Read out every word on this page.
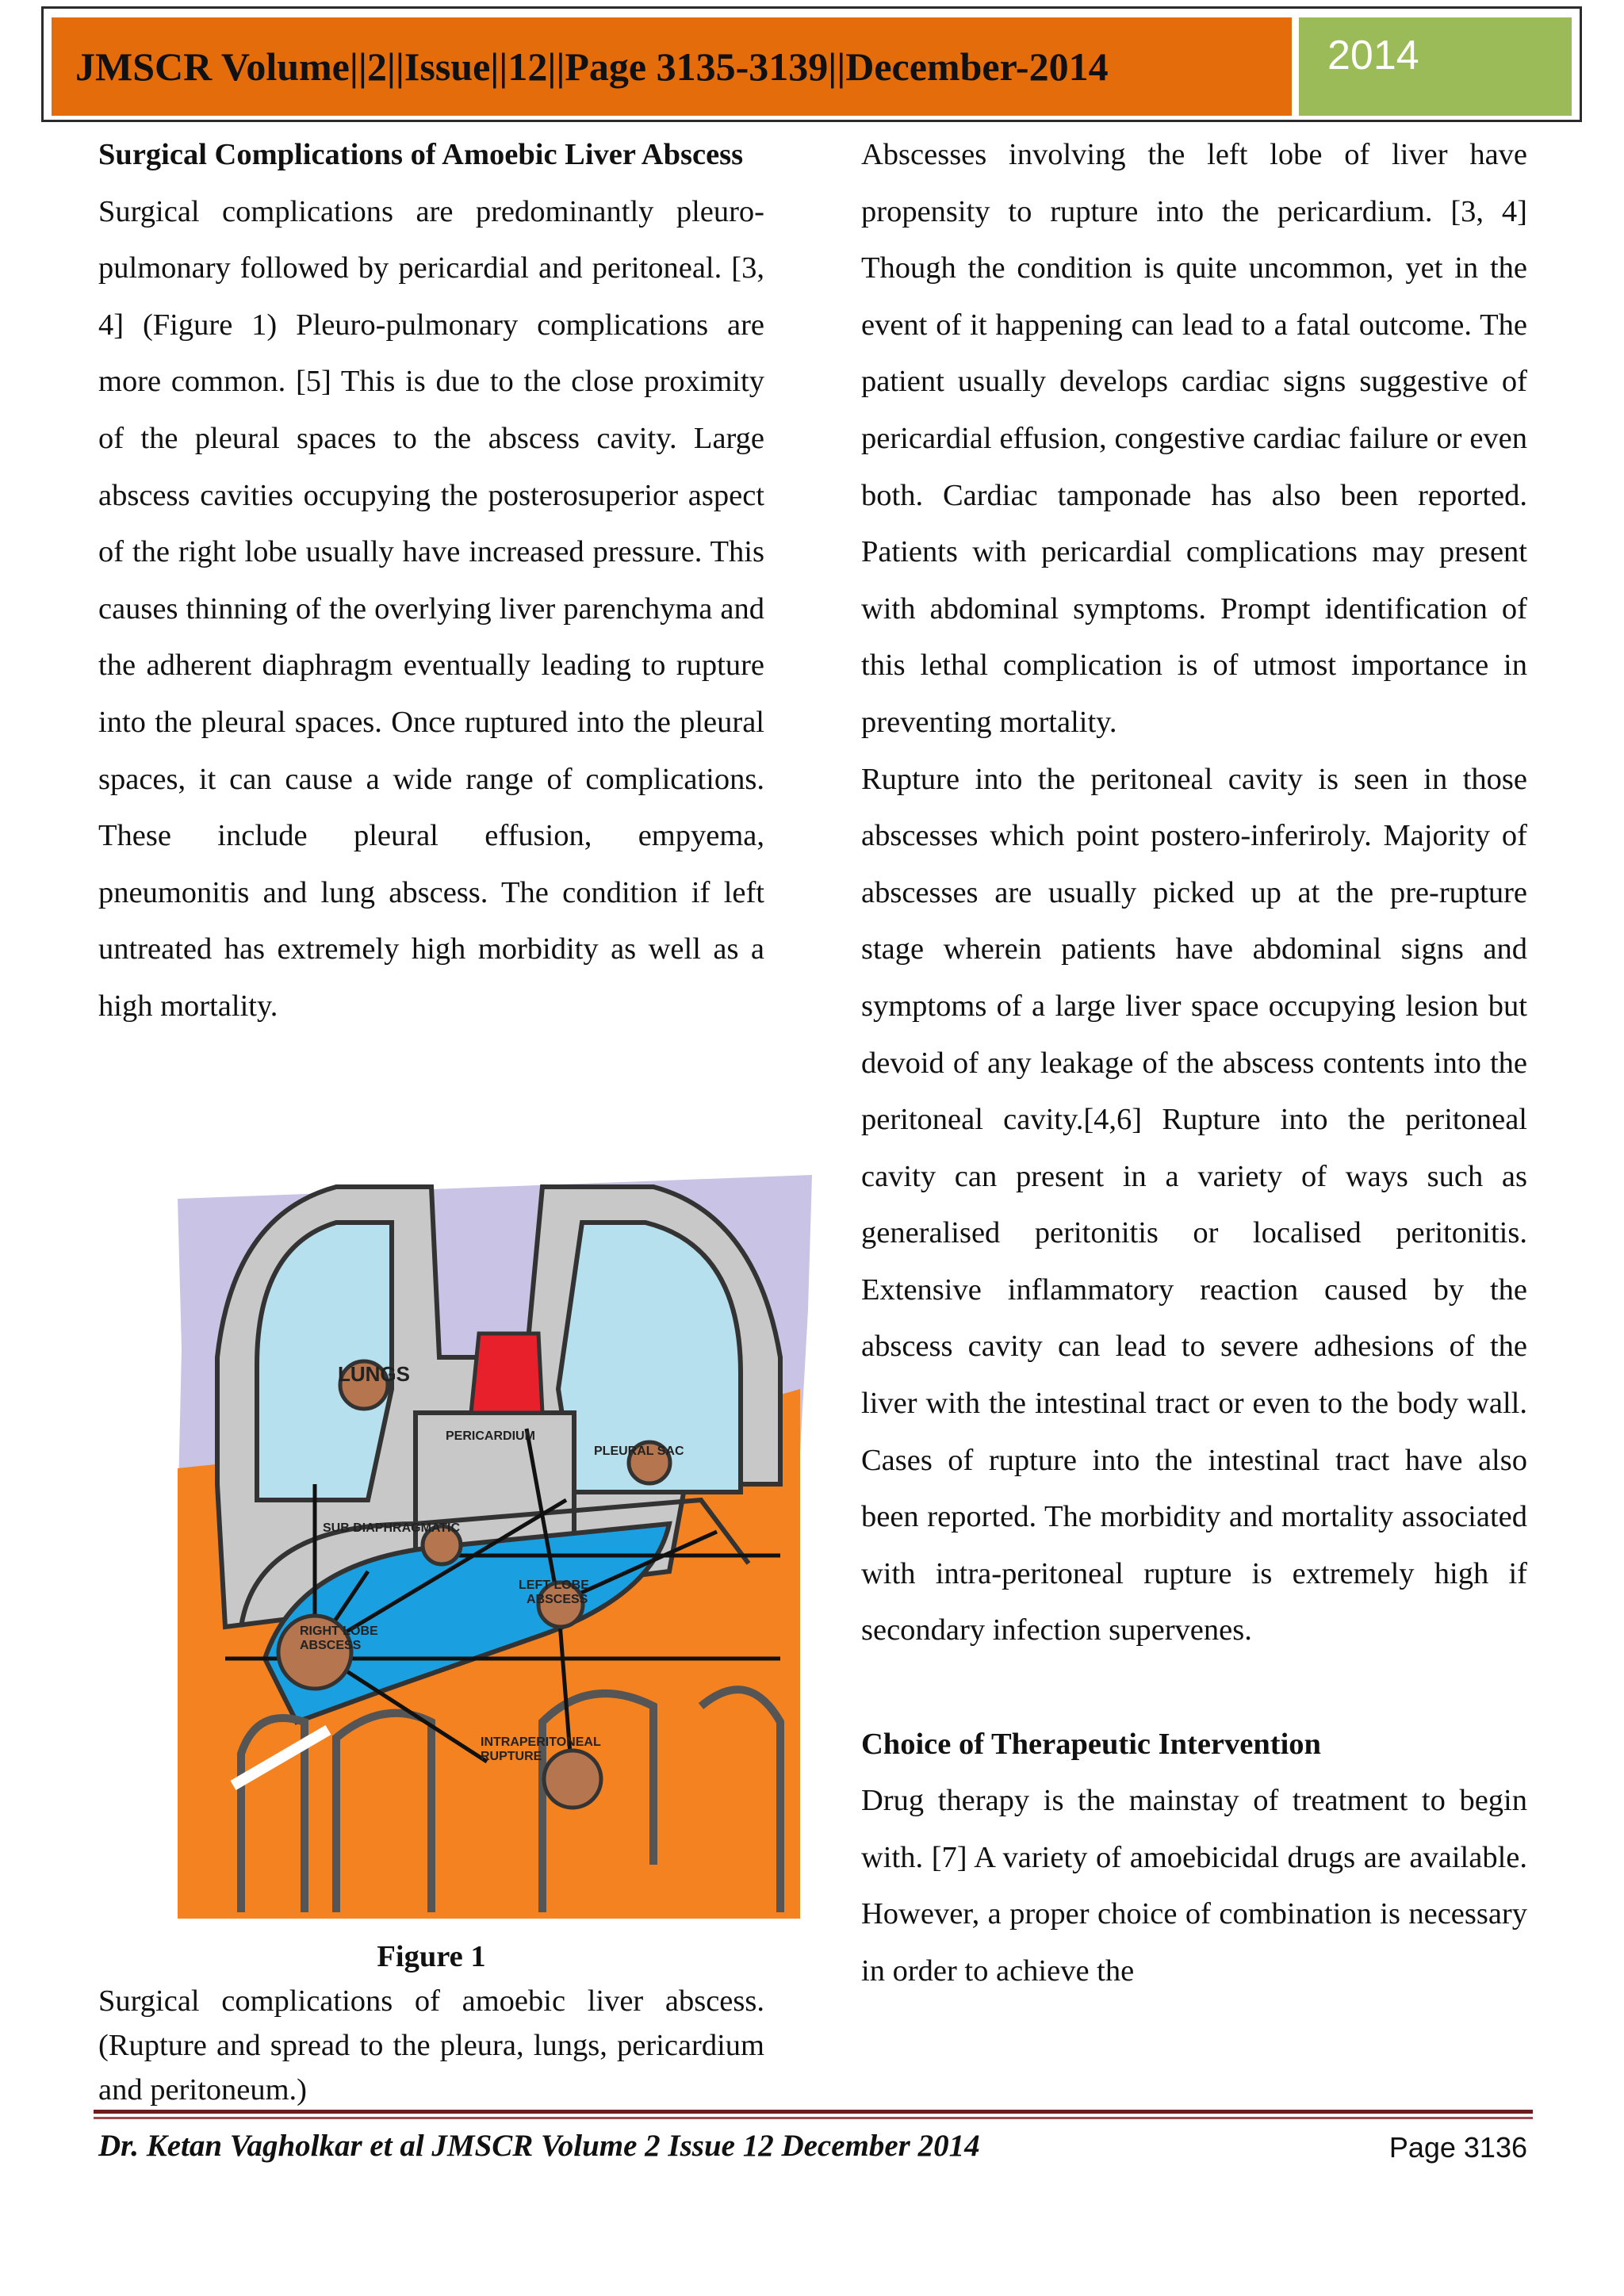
JMSCR Volume||2||Issue||12||Page 3135-3139||December-2014	2014
Surgical Complications of Amoebic Liver Abscess

Surgical complications are predominantly pleuro-pulmonary followed by pericardial and peritoneal. [3, 4] (Figure 1) Pleuro-pulmonary complications are more common. [5] This is due to the close proximity of the pleural spaces to the abscess cavity. Large abscess cavities occupying the posterosuperior aspect of the right lobe usually have increased pressure. This causes thinning of the overlying liver parenchyma and the adherent diaphragm eventually leading to rupture into the pleural spaces. Once ruptured into the pleural spaces, it can cause a wide range of complications. These include pleural effusion, empyema, pneumonitis and lung abscess. The condition if left untreated has extremely high morbidity as well as a high mortality.

LUNGS
PERICARDIUM
PLEURAL SAC
SUB DIAPHRAGMATIC
LEFT LOBE
ABSCESS
RIGHT LOBE
ABSCESS
INTRAPERITONEAL
RUPTURE
Figure 1
Surgical complications of amoebic liver abscess. (Rupture and spread to the pleura, lungs, pericardium and peritoneum.)

Abscesses involving the left lobe of liver have propensity to rupture into the pericardium. [3, 4] Though the condition is quite uncommon, yet in the event of it happening can lead to a fatal outcome. The patient usually develops cardiac signs suggestive of pericardial effusion, congestive cardiac failure or even both. Cardiac tamponade has also been reported. Patients with pericardial complications may present with abdominal symptoms. Prompt identification of this lethal complication is of utmost importance in preventing mortality.

Rupture into the peritoneal cavity is seen in those abscesses which point postero-inferiroly. Majority of abscesses are usually picked up at the pre-rupture stage wherein patients have abdominal signs and symptoms of a large liver space occupying lesion but devoid of any leakage of the abscess contents into the peritoneal cavity.[4,6] Rupture into the peritoneal cavity can present in a variety of ways such as generalised peritonitis or localised peritonitis. Extensive inflammatory reaction caused by the abscess cavity can lead to severe adhesions of the liver with the intestinal tract or even to the body wall. Cases of rupture into the intestinal tract have also been reported. The morbidity and mortality associated with intra-peritoneal rupture is extremely high if secondary infection supervenes.

Choice of Therapeutic Intervention

Drug therapy is the mainstay of treatment to begin with. [7] A variety of amoebicidal drugs are available. However, a proper choice of combination is necessary in order to achieve the

Dr. Ketan Vagholkar et al JMSCR Volume 2 Issue 12 December 2014	Page 3136
